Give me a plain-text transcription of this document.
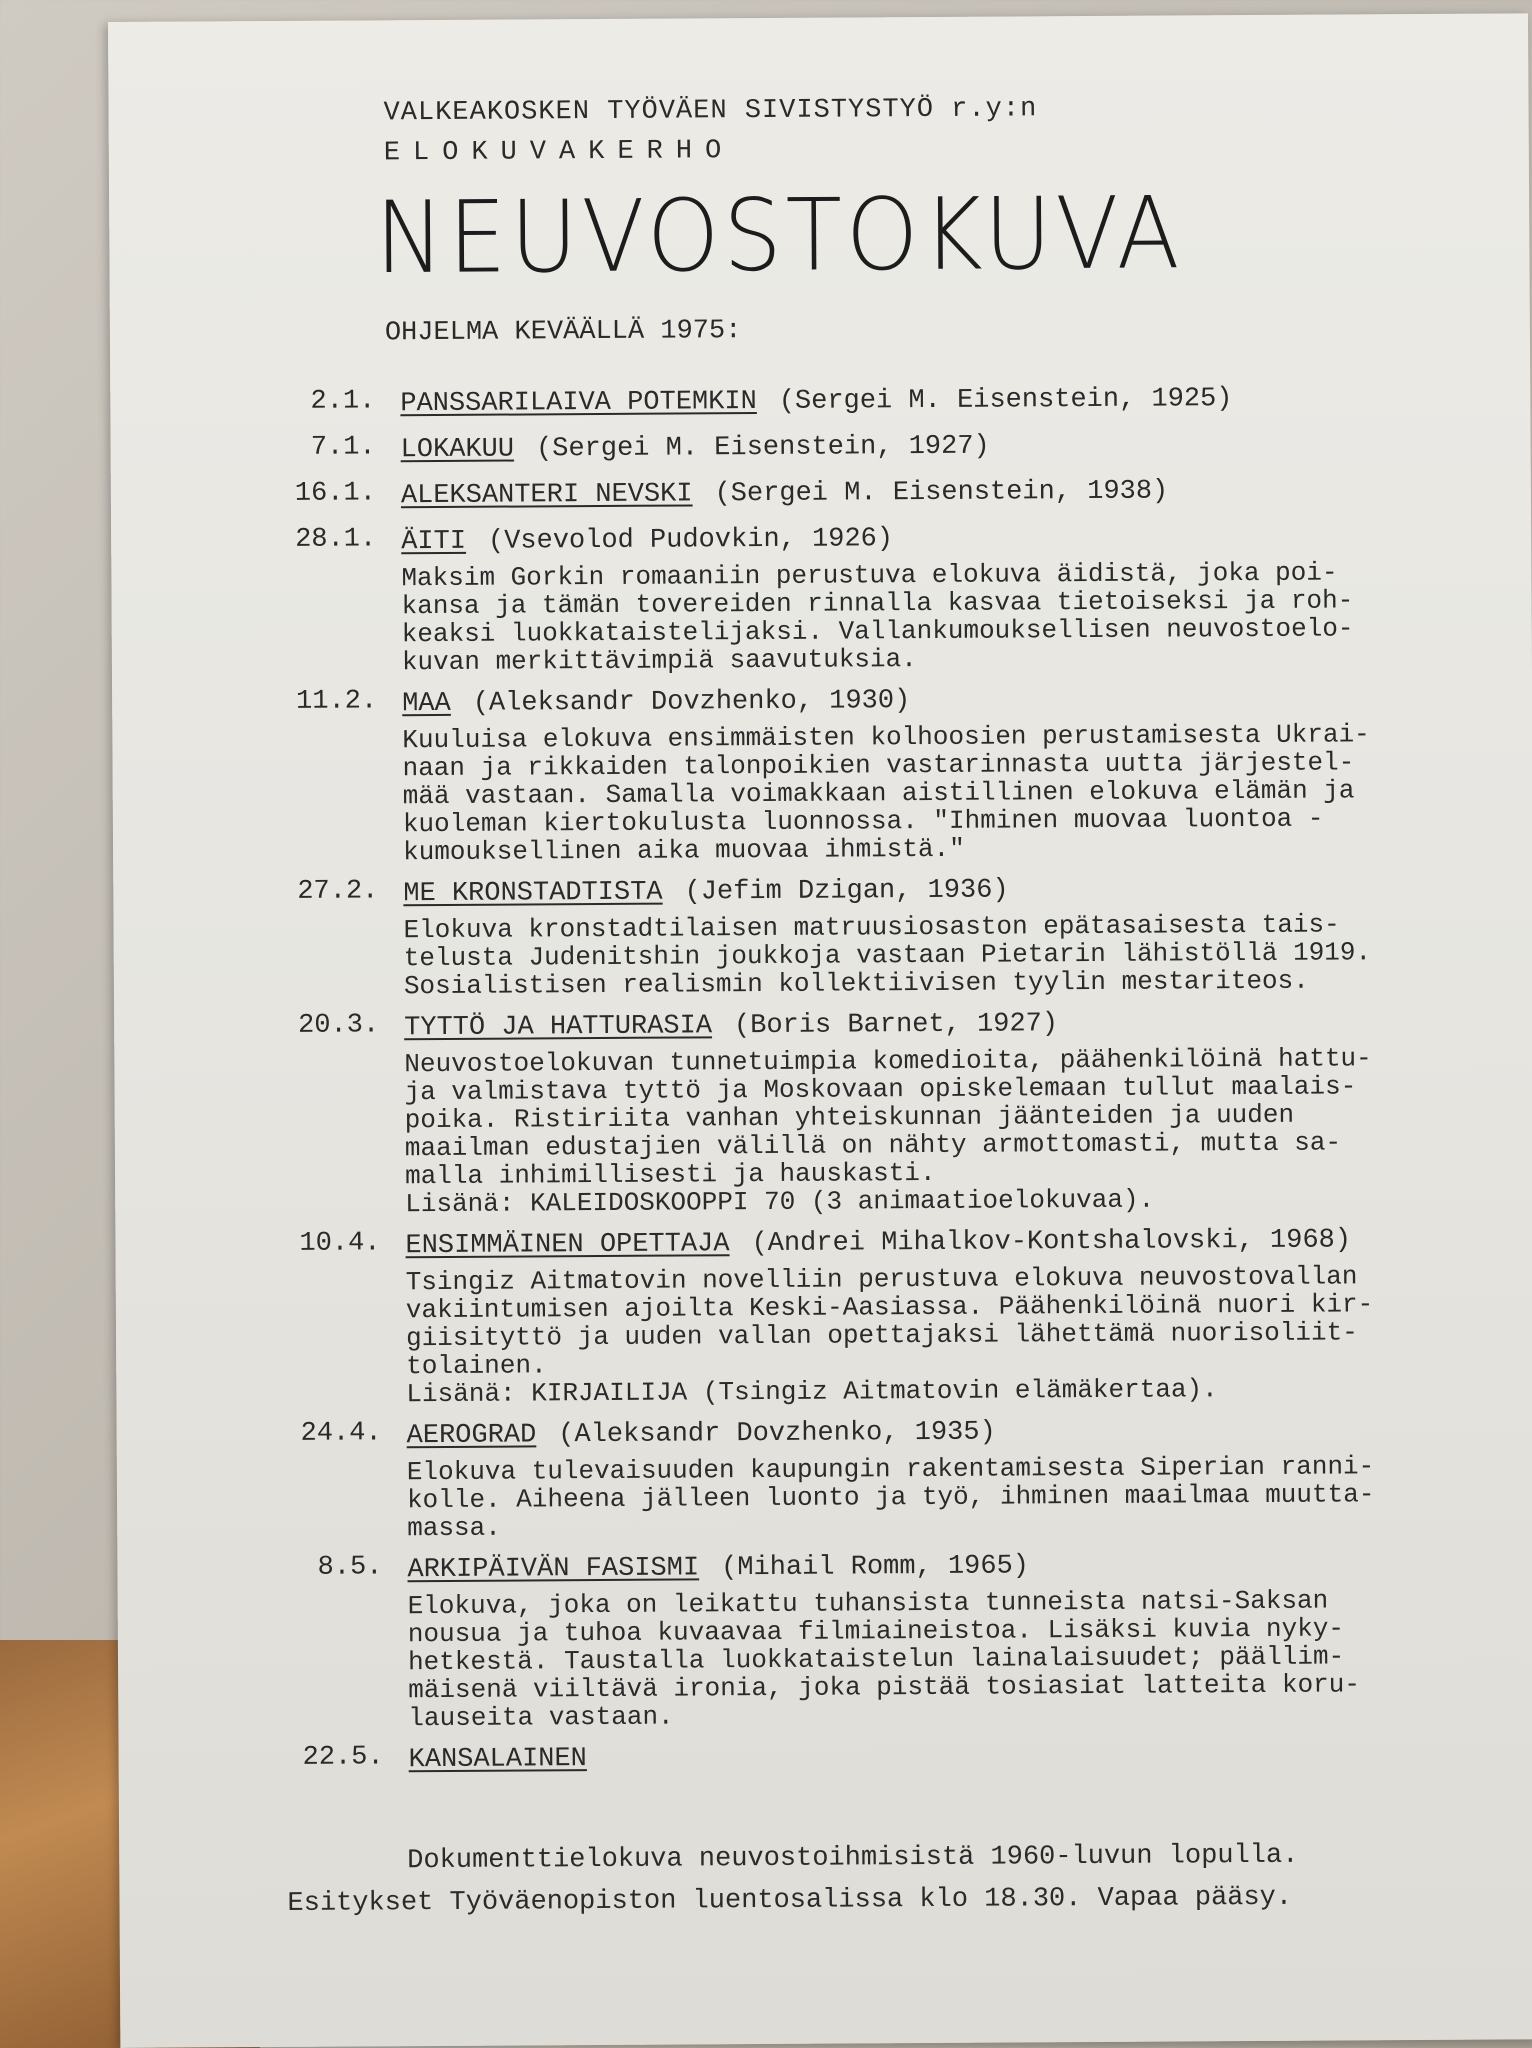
VALKEAKOSKEN TYÖVÄEN SIVISTYSTYÖ r.y:n
ELOKUVAKERHO
NEUVOSTOKUVA
OHJELMA KEVÄÄLLÄ 1975:
2.1. PANSSARILAIVA POTEMKIN (Sergei M. Eisenstein, 1925)
7.1. LOKAKUU (Sergei M. Eisenstein, 1927)
16.1. ALEKSANTERI NEVSKI (Sergei M. Eisenstein, 1938)
28.1. ÄITI (Vsevolod Pudovkin, 1926)
Maksim Gorkin romaaniin perustuva elokuva äidistä, joka poi-
kansa ja tämän tovereiden rinnalla kasvaa tietoiseksi ja roh-
keaksi luokkataistelijaksi. Vallankumouksellisen neuvostoelo-
kuvan merkittävimpiä saavutuksia.
11.2. MAA (Aleksandr Dovzhenko, 1930)
Kuuluisa elokuva ensimmäisten kolhoosien perustamisesta Ukrai-
naan ja rikkaiden talonpoikien vastarinnasta uutta järjestel-
mää vastaan. Samalla voimakkaan aistillinen elokuva elämän ja
kuoleman kiertokulusta luonnossa. "Ihminen muovaa luontoa -
kumouksellinen aika muovaa ihmistä."
27.2. ME KRONSTADTISTA (Jefim Dzigan, 1936)
Elokuva kronstadtilaisen matruusiosaston epätasaisesta tais-
telusta Judenitshin joukkoja vastaan Pietarin lähistöllä 1919.
Sosialistisen realismin kollektiivisen tyylin mestariteos.
20.3. TYTTÖ JA HATTURASIA (Boris Barnet, 1927)
Neuvostoelokuvan tunnetuimpia komedioita, päähenkilöinä hattu-
ja valmistava tyttö ja Moskovaan opiskelemaan tullut maalais-
poika. Ristiriita vanhan yhteiskunnan jäänteiden ja uuden
maailman edustajien välillä on nähty armottomasti, mutta sa-
malla inhimillisesti ja hauskasti.
Lisänä: KALEIDOSKOOPPI 70 (3 animaatioelokuvaa).
10.4. ENSIMMÄINEN OPETTAJA (Andrei Mihalkov-Kontshalovski, 1968)
Tsingiz Aitmatovin novelliin perustuva elokuva neuvostovallan
vakiintumisen ajoilta Keski-Aasiassa. Päähenkilöinä nuori kir-
giisityttö ja uuden vallan opettajaksi lähettämä nuorisoliit-
tolainen.
Lisänä: KIRJAILIJA (Tsingiz Aitmatovin elämäkertaa).
24.4. AEROGRAD (Aleksandr Dovzhenko, 1935)
Elokuva tulevaisuuden kaupungin rakentamisesta Siperian ranni-
kolle. Aiheena jälleen luonto ja työ, ihminen maailmaa muutta-
massa.
8.5. ARKIPÄIVÄN FASISMI (Mihail Romm, 1965)
Elokuva, joka on leikattu tuhansista tunneista natsi-Saksan
nousua ja tuhoa kuvaavaa filmiaineistoa. Lisäksi kuvia nyky-
hetkestä. Taustalla luokkataistelun lainalaisuudet; päällim-
mäisenä viiltävä ironia, joka pistää tosiasiat latteita koru-
lauseita vastaan.
22.5. KANSALAINEN
Dokumenttielokuva neuvostoihmisistä 1960-luvun lopulla.
Esitykset Työväenopiston luentosalissa klo 18.30. Vapaa pääsy.
